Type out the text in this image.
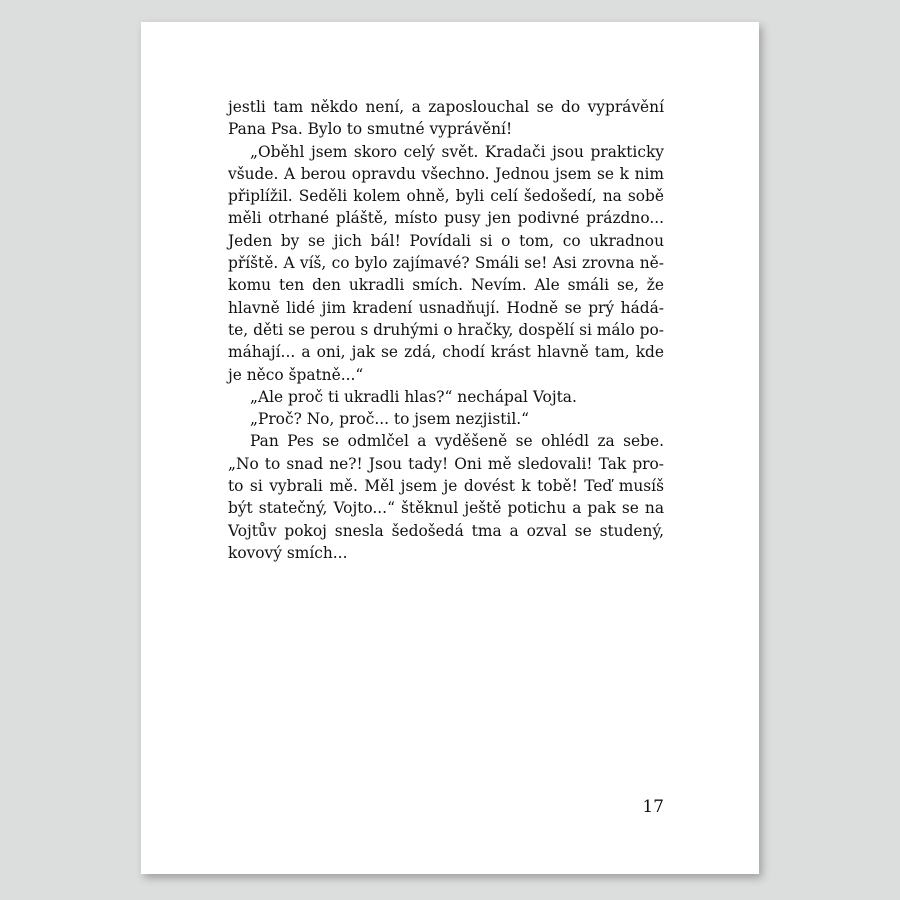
jestli tam někdo není, a zaposlouchal se do vyprávění
Pana Psa. Bylo to smutné vyprávění!
„Oběhl jsem skoro celý svět. Kradači jsou prakticky
všude. A berou opravdu všechno. Jednou jsem se k nim
připlížil. Seděli kolem ohně, byli celí šedošedí, na sobě
měli otrhané pláště, místo pusy jen podivné prázdno...
Jeden by se jich bál! Povídali si o tom, co ukradnou
příště. A víš, co bylo zajímavé? Smáli se! Asi zrovna ně-
komu ten den ukradli smích. Nevím. Ale smáli se, že
hlavně lidé jim kradení usnadňují. Hodně se prý hádá-
te, děti se perou s druhými o hračky, dospělí si málo po-
máhají... a oni, jak se zdá, chodí krást hlavně tam, kde
je něco špatně...“
„Ale proč ti ukradli hlas?“ nechápal Vojta.
„Proč? No, proč... to jsem nezjistil.“
Pan Pes se odmlčel a vyděšeně se ohlédl za sebe.
„No to snad ne?! Jsou tady! Oni mě sledovali! Tak pro-
to si vybrali mě. Měl jsem je dovést k tobě! Teď musíš
být statečný, Vojto...“ štěknul ještě potichu a pak se na
Vojtův pokoj snesla šedošedá tma a ozval se studený,
kovový smích...
17
